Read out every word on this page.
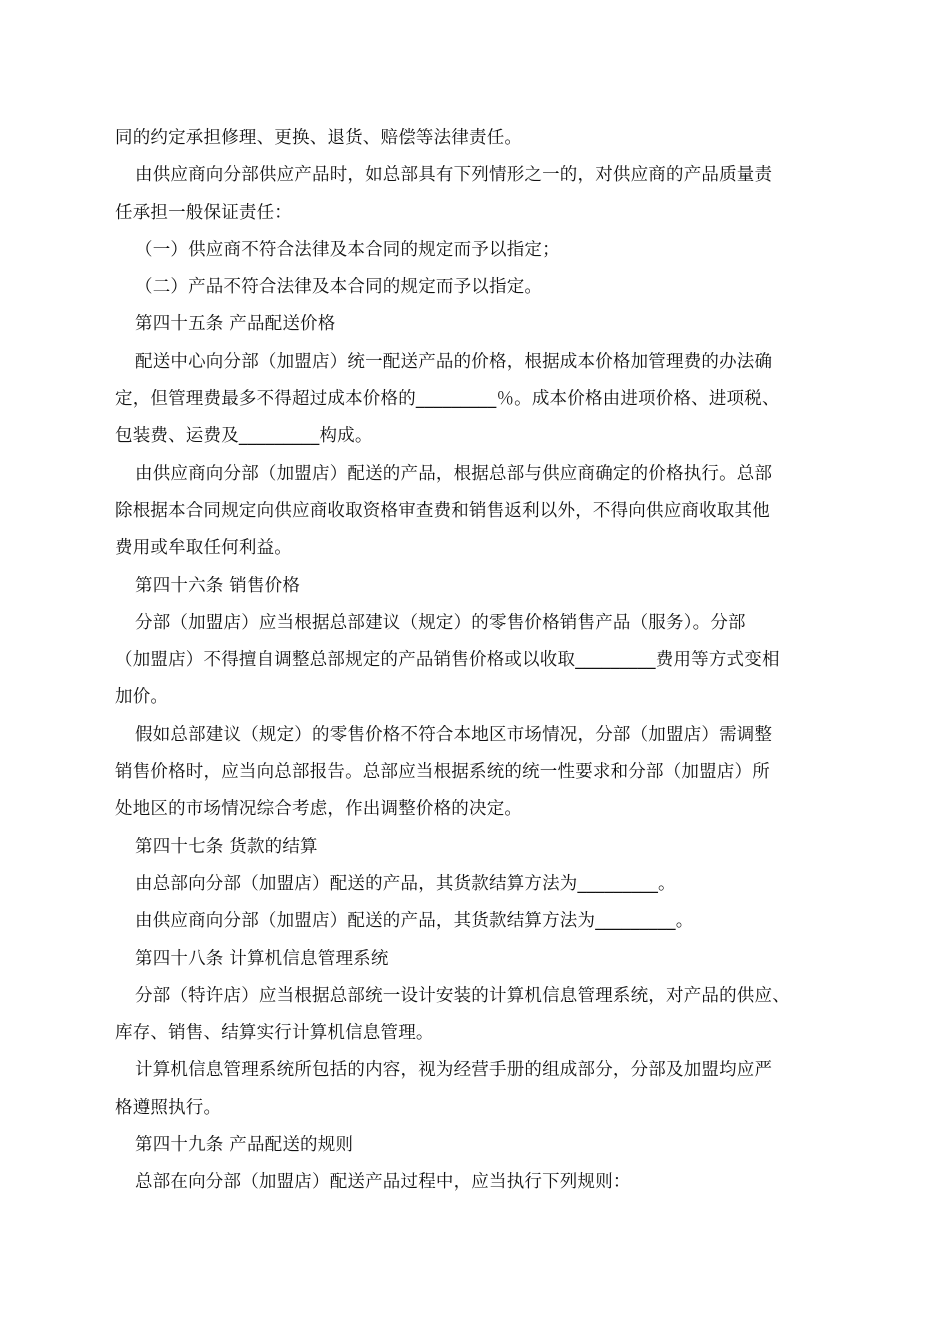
同的约定承担修理、更换、退货、赔偿等法律责任。
由供应商向分部供应产品时，如总部具有下列情形之一的，对供应商的产品质量责
任承担一般保证责任：
（一）供应商不符合法律及本合同的规定而予以指定；
（二）产品不符合法律及本合同的规定而予以指定。
第四十五条 产品配送价格
配送中心向分部（加盟店）统一配送产品的价格，根据成本价格加管理费的办法确
定，但管理费最多不得超过成本价格的_________％。成本价格由进项价格、进项税、
包装费、运费及_________构成。
由供应商向分部（加盟店）配送的产品，根据总部与供应商确定的价格执行。总部
除根据本合同规定向供应商收取资格审查费和销售返利以外，不得向供应商收取其他
费用或牟取任何利益。
第四十六条 销售价格
分部（加盟店）应当根据总部建议（规定）的零售价格销售产品（服务）。分部
（加盟店）不得擅自调整总部规定的产品销售价格或以收取_________费用等方式变相
加价。
假如总部建议（规定）的零售价格不符合本地区市场情况，分部（加盟店）需调整
销售价格时，应当向总部报告。总部应当根据系统的统一性要求和分部（加盟店）所
处地区的市场情况综合考虑，作出调整价格的决定。
第四十七条 货款的结算
由总部向分部（加盟店）配送的产品，其货款结算方法为_________。
由供应商向分部（加盟店）配送的产品，其货款结算方法为_________。
第四十八条 计算机信息管理系统
分部（特许店）应当根据总部统一设计安装的计算机信息管理系统，对产品的供应、
库存、销售、结算实行计算机信息管理。
计算机信息管理系统所包括的内容，视为经营手册的组成部分，分部及加盟均应严
格遵照执行。
第四十九条 产品配送的规则
总部在向分部（加盟店）配送产品过程中，应当执行下列规则：
